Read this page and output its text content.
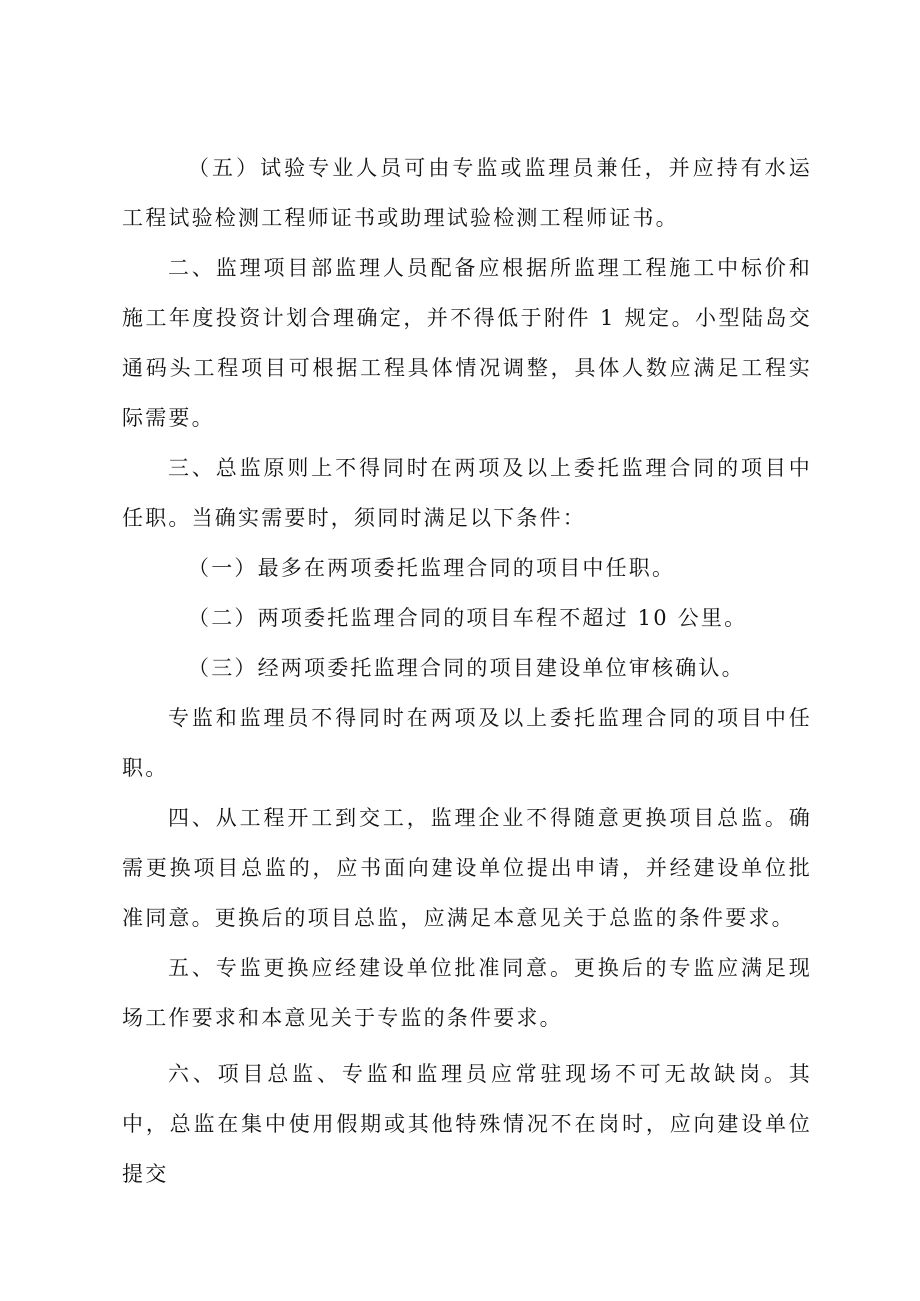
（五）试验专业人员可由专监或监理员兼任，并应持有水运工程试验检测工程师证书或助理试验检测工程师证书。

二、监理项目部监理人员配备应根据所监理工程施工中标价和施工年度投资计划合理确定，并不得低于附件 1 规定。小型陆岛交通码头工程项目可根据工程具体情况调整，具体人数应满足工程实际需要。

三、总监原则上不得同时在两项及以上委托监理合同的项目中任职。当确实需要时，须同时满足以下条件：

（一）最多在两项委托监理合同的项目中任职。

（二）两项委托监理合同的项目车程不超过 10 公里。

（三）经两项委托监理合同的项目建设单位审核确认。

专监和监理员不得同时在两项及以上委托监理合同的项目中任职。

四、从工程开工到交工，监理企业不得随意更换项目总监。确需更换项目总监的，应书面向建设单位提出申请，并经建设单位批准同意。更换后的项目总监，应满足本意见关于总监的条件要求。

五、专监更换应经建设单位批准同意。更换后的专监应满足现场工作要求和本意见关于专监的条件要求。

六、项目总监、专监和监理员应常驻现场不可无故缺岗。其中，总监在集中使用假期或其他特殊情况不在岗时，应向建设单位提交
